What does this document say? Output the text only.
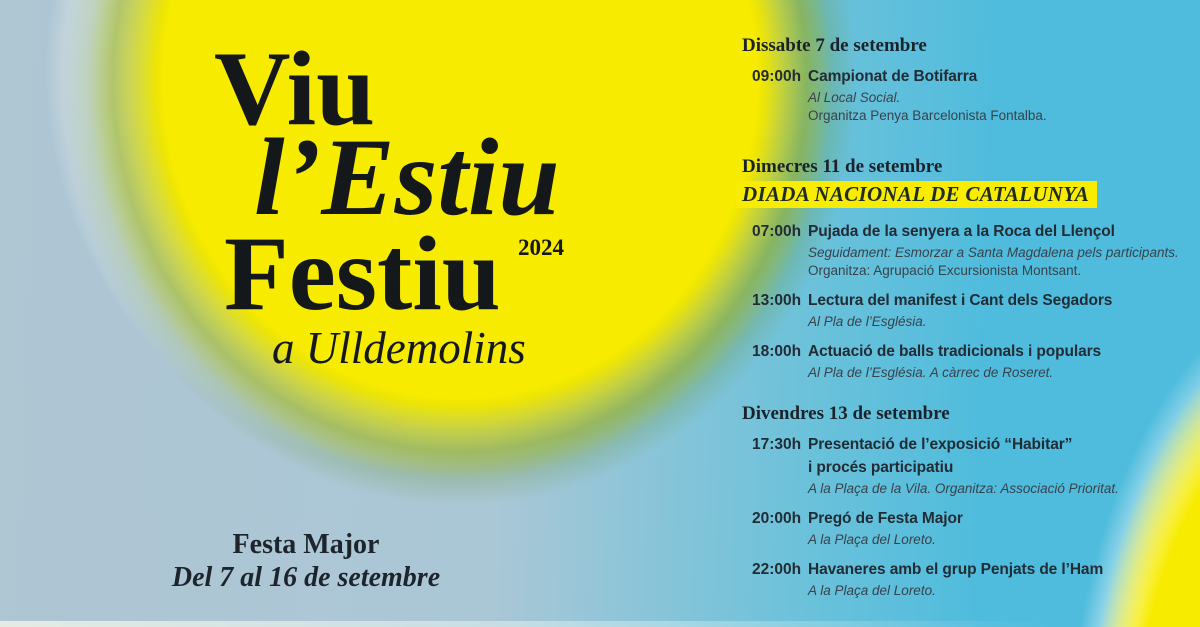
Viu
l’Estiu
2024
Festiu
a Ulldemolins
Festa Major
Del 7 al 16 de setembre
Dissabte 7 de setembre
09:00h Campionat de Botifarra
Al Local Social.
Organitza Penya Barcelonista Fontalba.
Dimecres 11 de setembre
DIADA NACIONAL DE CATALUNYA
07:00h Pujada de la senyera a la Roca del Llençol
Seguidament: Esmorzar a Santa Magdalena pels participants.
Organitza: Agrupació Excursionista Montsant.
13:00h Lectura del manifest i Cant dels Segadors
Al Pla de l’Església.
18:00h Actuació de balls tradicionals i populars
Al Pla de l’Església. A càrrec de Roseret.
Divendres 13 de setembre
17:30h Presentació de l’exposició “Habitar”
i procés participatiu
A la Plaça de la Vila. Organitza: Associació Prioritat.
20:00h Pregó de Festa Major
A la Plaça del Loreto.
22:00h Havaneres amb el grup Penjats de l’Ham
A la Plaça del Loreto.
